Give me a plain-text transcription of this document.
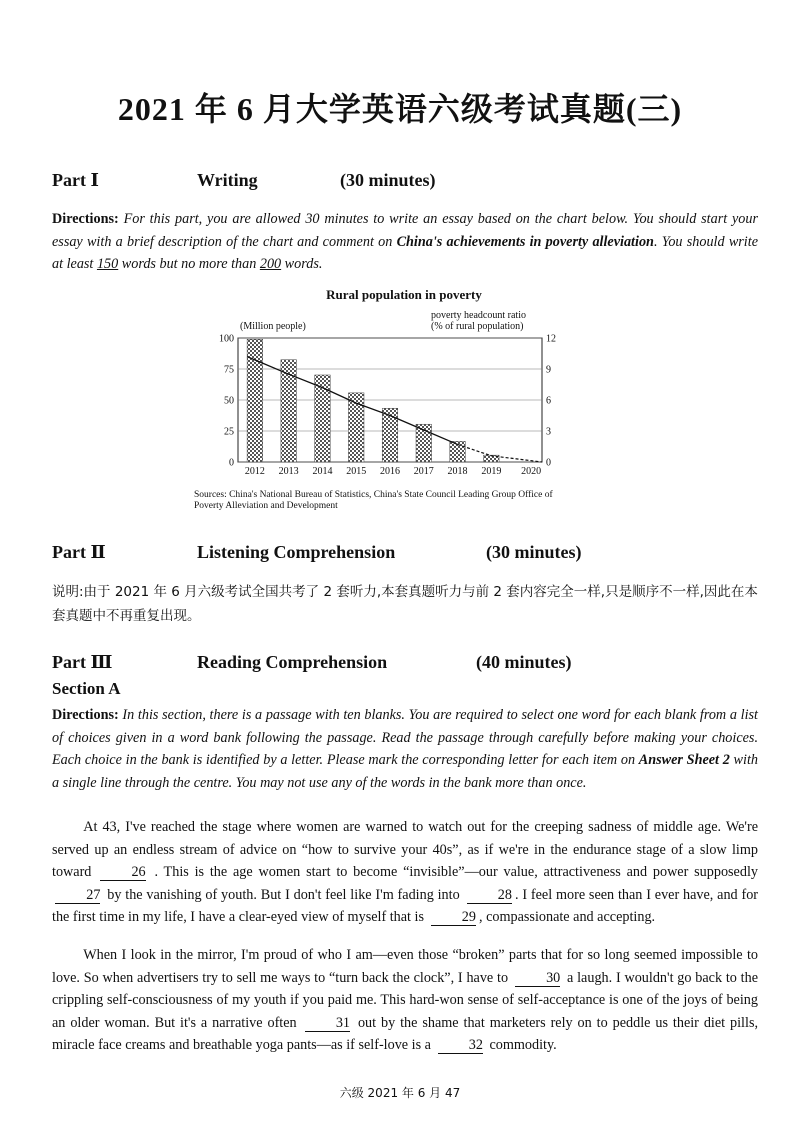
2021 年 6 月大学英语六级考试真题(三)
Part Ⅰ	Writing	(30 minutes)
Directions: For this part, you are allowed 30 minutes to write an essay based on the chart below. You should start your essay with a brief description of the chart and comment on China's achievements in poverty alleviation. You should write at least 150 words but no more than 200 words.
Rural population in poverty
(Million people)
poverty headcount ratio
(% of rural population)
0
25
50
75
100
0
3
6
9
12
2012 2013 2014 2015 2016 2017 2018 2019 2020
Sources: China's National Bureau of Statistics, China's State Council Leading Group Office of
Poverty Alleviation and Development
Part Ⅱ	Listening Comprehension	(30 minutes)
说明:由于 2021 年 6 月六级考试全国共考了 2 套听力,本套真题听力与前 2 套内容完全一样,只是顺序不一样,因此在本套真题中不再重复出现。
Part Ⅲ	Reading Comprehension	(40 minutes)
Section A
Directions: In this section, there is a passage with ten blanks. You are required to select one word for each blank from a list of choices given in a word bank following the passage. Read the passage through carefully before making your choices. Each choice in the bank is identified by a letter. Please mark the corresponding letter for each item on Answer Sheet 2 with a single line through the centre. You may not use any of the words in the bank more than once.
At 43, I've reached the stage where women are warned to watch out for the creeping sadness of middle age. We're served up an endless stream of advice on “how to survive your 40s”, as if we're in the endurance stage of a slow limp toward	26 . This is the age women start to become “invisible”—our value, attractiveness and power supposedly 27 by the vanishing of youth. But I don't feel like I'm fading into	28 . I feel more seen than I ever have, and for the first time in my life, I have a clear-eyed view of myself that is	29 , compassionate and accepting.
When I look in the mirror, I'm proud of who I am—even those “broken” parts that for so long seemed impossible to love. So when advertisers try to sell me ways to “turn back the clock”, I have to	30 a laugh. I wouldn't go back to the crippling self-consciousness of my youth if you paid me. This hard-won sense of self-acceptance is one of the joys of being an older woman. But it's a narrative often	31 out by the shame that marketers rely on to peddle us their diet pills, miracle face creams and breathable yoga pants—as if self-love is a	32 commodity.
六级 2021 年 6 月 47
